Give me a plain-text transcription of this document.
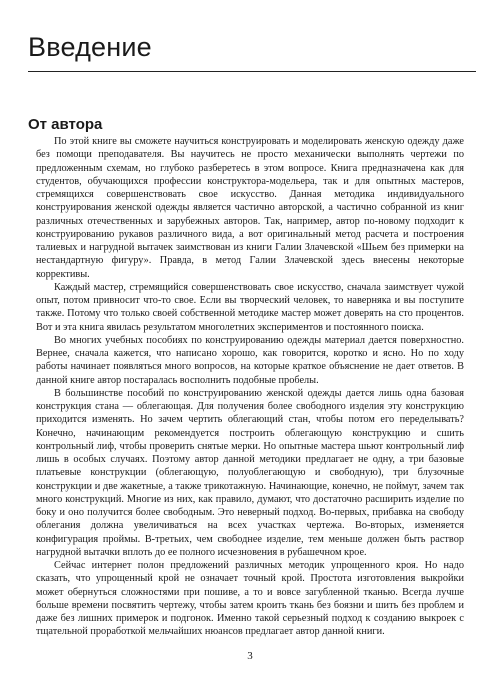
Введение
От автора

По этой книге вы сможете научиться конструировать и моделировать женскую одежду даже без помощи преподавателя. Вы научитесь не просто механически выполнять чертежи по предложенным схемам, но глубоко разберетесь в этом вопросе. Книга предназначена как для студентов, обучающихся профессии конструктора-модельера, так и для опытных мастеров, стремящихся совершенствовать свое искусство. Данная методика индивидуального конструирования женской одежды является частично авторской, а частично собранной из книг различных отечественных и зарубежных авторов. Так, например, автор по-новому подходит к конструированию рукавов различного вида, а вот оригинальный метод расчета и построения талиевых и нагрудной вытачек заимствован из книги Галии Злачевской «Шьем без примерки на нестандартную фигуру». Правда, в метод Галии Злачевской здесь внесены некоторые коррективы.

Каждый мастер, стремящийся совершенствовать свое искусство, сначала заимствует чужой опыт, потом привносит что-то свое. Если вы творческий человек, то наверняка и вы поступите также. Потому что только своей собственной методике мастер может доверять на сто процентов. Вот и эта книга явилась результатом многолетних экспериментов и постоянного поиска.

Во многих учебных пособиях по конструированию одежды материал дается поверхностно. Вернее, сначала кажется, что написано хорошо, как говорится, коротко и ясно. Но по ходу работы начинает появляться много вопросов, на которые краткое объяснение не дает ответов. В данной книге автор постаралась восполнить подобные пробелы.

В большинстве пособий по конструированию женской одежды дается лишь одна базовая конструкция стана — облегающая. Для получения более свободного изделия эту конструкцию приходится изменять. Но зачем чертить облегающий стан, чтобы потом его переделывать? Конечно, начинающим рекомендуется построить облегающую конструкцию и сшить контрольный лиф, чтобы проверить снятые мерки. Но опытные мастера шьют контрольный лиф лишь в особых случаях. Поэтому автор данной методики предлагает не одну, а три базовые платьевые конструкции (облегающую, полуоблегающую и свободную), три блузочные конструкции и две жакетные, а также трикотажную. Начинающие, конечно, не поймут, зачем так много конструкций. Многие из них, как правило, думают, что достаточно расширить изделие по боку и оно получится более свободным. Это неверный подход. Во-первых, прибавка на свободу облегания должна увеличиваться на всех участках чертежа. Во-вторых, изменяется конфигурация проймы. В-третьих, чем свободнее изделие, тем меньше должен быть раствор нагрудной вытачки вплоть до ее полного исчезновения в рубашечном крое.

Сейчас интернет полон предложений различных методик упрощенного кроя. Но надо сказать, что упрощенный крой не означает точный крой. Простота изготовления выкройки может обернуться сложностями при пошиве, а то и вовсе загубленной тканью. Всегда лучше больше времени посвятить чертежу, чтобы затем кроить ткань без боязни и шить без проблем и даже без лишних примерок и подгонок. Именно такой серьезный подход к созданию выкроек с тщательной проработкой мельчайших нюансов предлагает автор данной книги.

3
